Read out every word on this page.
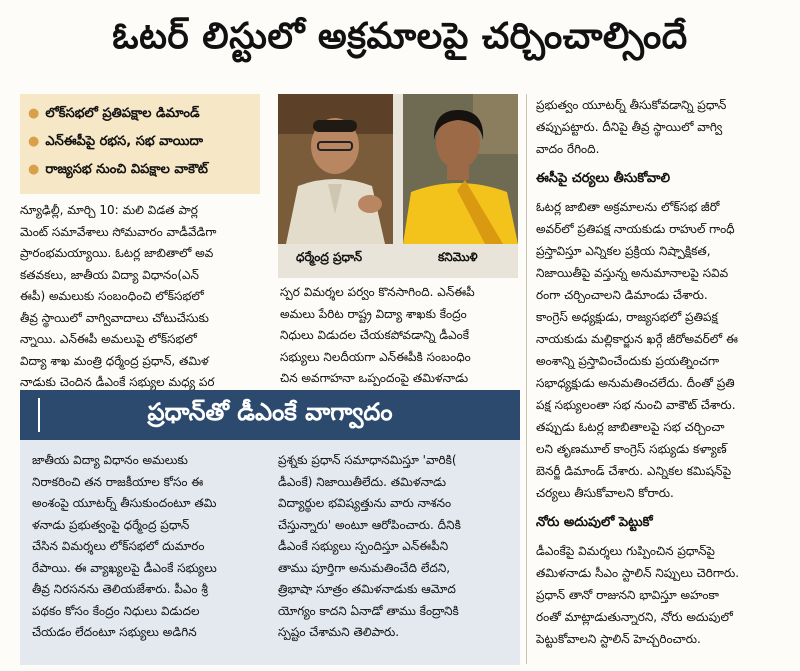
ఓటర్ లిస్టులో అక్రమాలపై చర్చించాల్సిందే
● లోక్‌సభలో ప్రతిపక్షాల డిమాండ్
● ఎన్‌ఈపీపై రభస, సభ వాయిదా
● రాజ్యసభ నుంచి విపక్షాల వాకౌట్

న్యూఢిల్లీ, మార్చి 10: మలి విడత పార్ల

మెంట్ సమావేశాలు సోమవారం వాడీవేడిగా

ప్రారంభమయ్యాయి. ఓటర్ల జాబితాలో అవ

కతవకలు, జాతీయ విద్యా విధానం(ఎన్

ఈపీ) అమలుకు సంబంధించి లోక్‌సభలో

తీవ్ర స్థాయిలో వాగ్వివాదాలు చోటుచేసుకు

న్నాయి. ఎన్ఈపీ అమలుపై లోక్‌సభలో

విద్యా శాఖ మంత్రి ధర్మేంద్ర ప్రధాన్, తమిళ

నాడుకు చెందిన డీఎంకే సభ్యుల మధ్య పర

ధర్మేంద్ర ప్రధాన్	కనిమొళి

స్పర విమర్శల పర్వం కొనసాగింది. ఎన్ఈపీ

అమలు పేరిట రాష్ట్ర విద్యా శాఖకు కేంద్రం

నిధులు విడుదల చేయకపోవడాన్ని డీఎంకే

సభ్యులు నిలదీయగా ఎన్ఈపీకి సంబంధిం

చిన అవగాహనా ఒప్పందంపై తమిళనాడు

ప్రభుత్వం యూటర్న్ తీసుకోవడాన్ని ప్రధాన్

తప్పుపట్టారు. దీనిపై తీవ్ర స్థాయిలో వాగ్వి

వాదం రేగింది.

ఈసీపై చర్యలు తీసుకోవాలి

ఓటర్ల జాబితా అక్రమాలను లోక్‌సభ జీరో

అవర్‌లో ప్రతిపక్ష నాయకుడు రాహుల్ గాంధీ

ప్రస్తావిస్తూ ఎన్నికల ప్రక్రియ నిష్పాక్షికత,

నిజాయితీపై వస్తున్న అనుమానాలపై సవివ

రంగా చర్చించాలని డిమాండు చేశారు.

కాంగ్రెస్ అధ్యక్షుడు, రాజ్యసభలో ప్రతిపక్ష

నాయకుడు మల్లికార్జున ఖర్గే జీరోఅవర్‌లో ఈ

అంశాన్ని ప్రస్తావించేందుకు ప్రయత్నించగా

సభాధ్యక్షుడు అనుమతించలేదు. దీంతో ప్రతి

పక్ష సభ్యులంతా సభ నుంచి వాకౌట్ చేశారు.

తప్పుడు ఓటర్ల జాబితాలపై సభ చర్చించా

లని తృణమూల్ కాంగ్రెస్ సభ్యుడు కళ్యాణ్

బెనర్జీ డిమాండ్ చేశారు. ఎన్నికల కమిషన్‌పై

చర్యలు తీసుకోవాలని కోరారు.

నోరు అదుపులో పెట్టుకో

డీఎంకేపై విమర్శలు గుప్పించిన ప్రధాన్‌పై

తమిళనాడు సీఎం స్టాలిన్ నిప్పులు చెరిగారు.

ప్రధాన్ తానో రాజునని భావిస్తూ అహంకా

రంతో మాట్లాడుతున్నారని, నోరు అదుపులో

పెట్టుకోవాలని స్టాలిన్ హెచ్చరించారు.

ప్రధాన్‌తో డీఎంకే వాగ్వాదం

జాతీయ విద్యా విధానం అమలుకు

నిరాకరించి తన రాజకీయాల కోసం ఈ

అంశంపై యూటర్న్ తీసుకుందంటూ తమి

ళనాడు ప్రభుత్వంపై ధర్మేంద్ర ప్రధాన్

చేసిన విమర్శలు లోక్‌సభలో దుమారం

రేపాయి. ఈ వ్యాఖ్యలపై డీఎంకే సభ్యులు

తీవ్ర నిరసనను తెలియజేశారు. పీఎం శ్రీ

పథకం కోసం కేంద్రం నిధులు విడుదల

చేయడం లేదంటూ సభ్యులు అడిగిన

ప్రశ్నకు ప్రధాన్ సమాధానమిస్తూ 'వారికి(

డీఎంకే) నిజాయితీలేదు. తమిళనాడు

విద్యార్థుల భవిష్యత్తును వారు నాశనం

చేస్తున్నారు' అంటూ ఆరోపించారు. దీనికి

డీఎంకే సభ్యులు స్పందిస్తూ ఎన్ఈపీని

తాము పూర్తిగా అనుమతించేది లేదని,

త్రిభాషా సూత్రం తమిళనాడుకు ఆమోద

యోగ్యం కాదని ఏనాడో తాము కేంద్రానికి

స్పష్టం చేశామని తెలిపారు.
